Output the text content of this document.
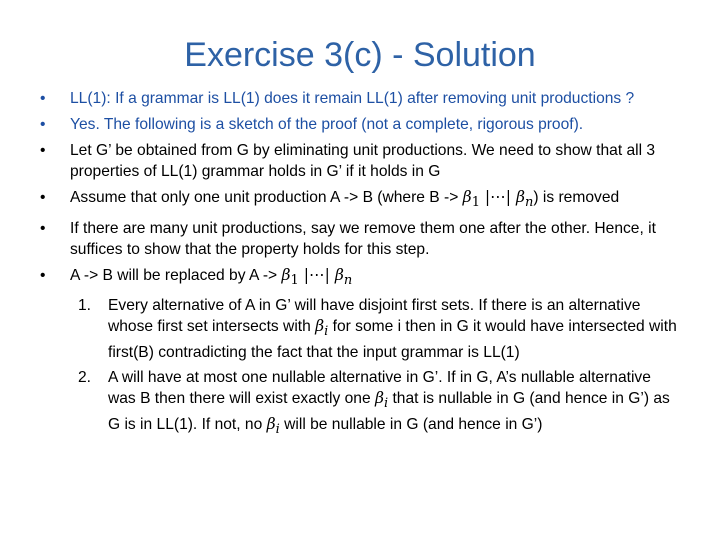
Exercise 3(c) - Solution
•	LL(1): If a grammar is LL(1) does it remain LL(1) after removing unit productions ?
•	Yes. The following is a sketch of the proof (not a complete, rigorous proof).
•	Let G’ be obtained from G by eliminating unit productions. We need to show that all 3 properties of LL(1) grammar holds in G’ if it holds in G
•	Assume that only one unit production A -> B (where $B -> \beta_1$ |⋯| $\beta_n$) is removed
•	If there are many unit productions, say we remove them one after the other. Hence, it suffices to show that the property holds for this step.
•	A -> B will be replaced by $A -> \beta_1$ |⋯| $\beta_n$
1. Every alternative of A in G’ will have disjoint first sets. If there is an alternative whose first set intersects with $\beta_i$ for some i then in G it would have intersected with first(B) contradicting the fact that the input grammar is LL(1)
2. A will have at most one nullable alternative in G’. If in G, A’s nullable alternative was B then there will exist exactly one $\beta_i$ that is nullable in G (and hence in G’) as G is in LL(1). If not, no $\beta_i$ will be nullable in G (and hence in G’)
